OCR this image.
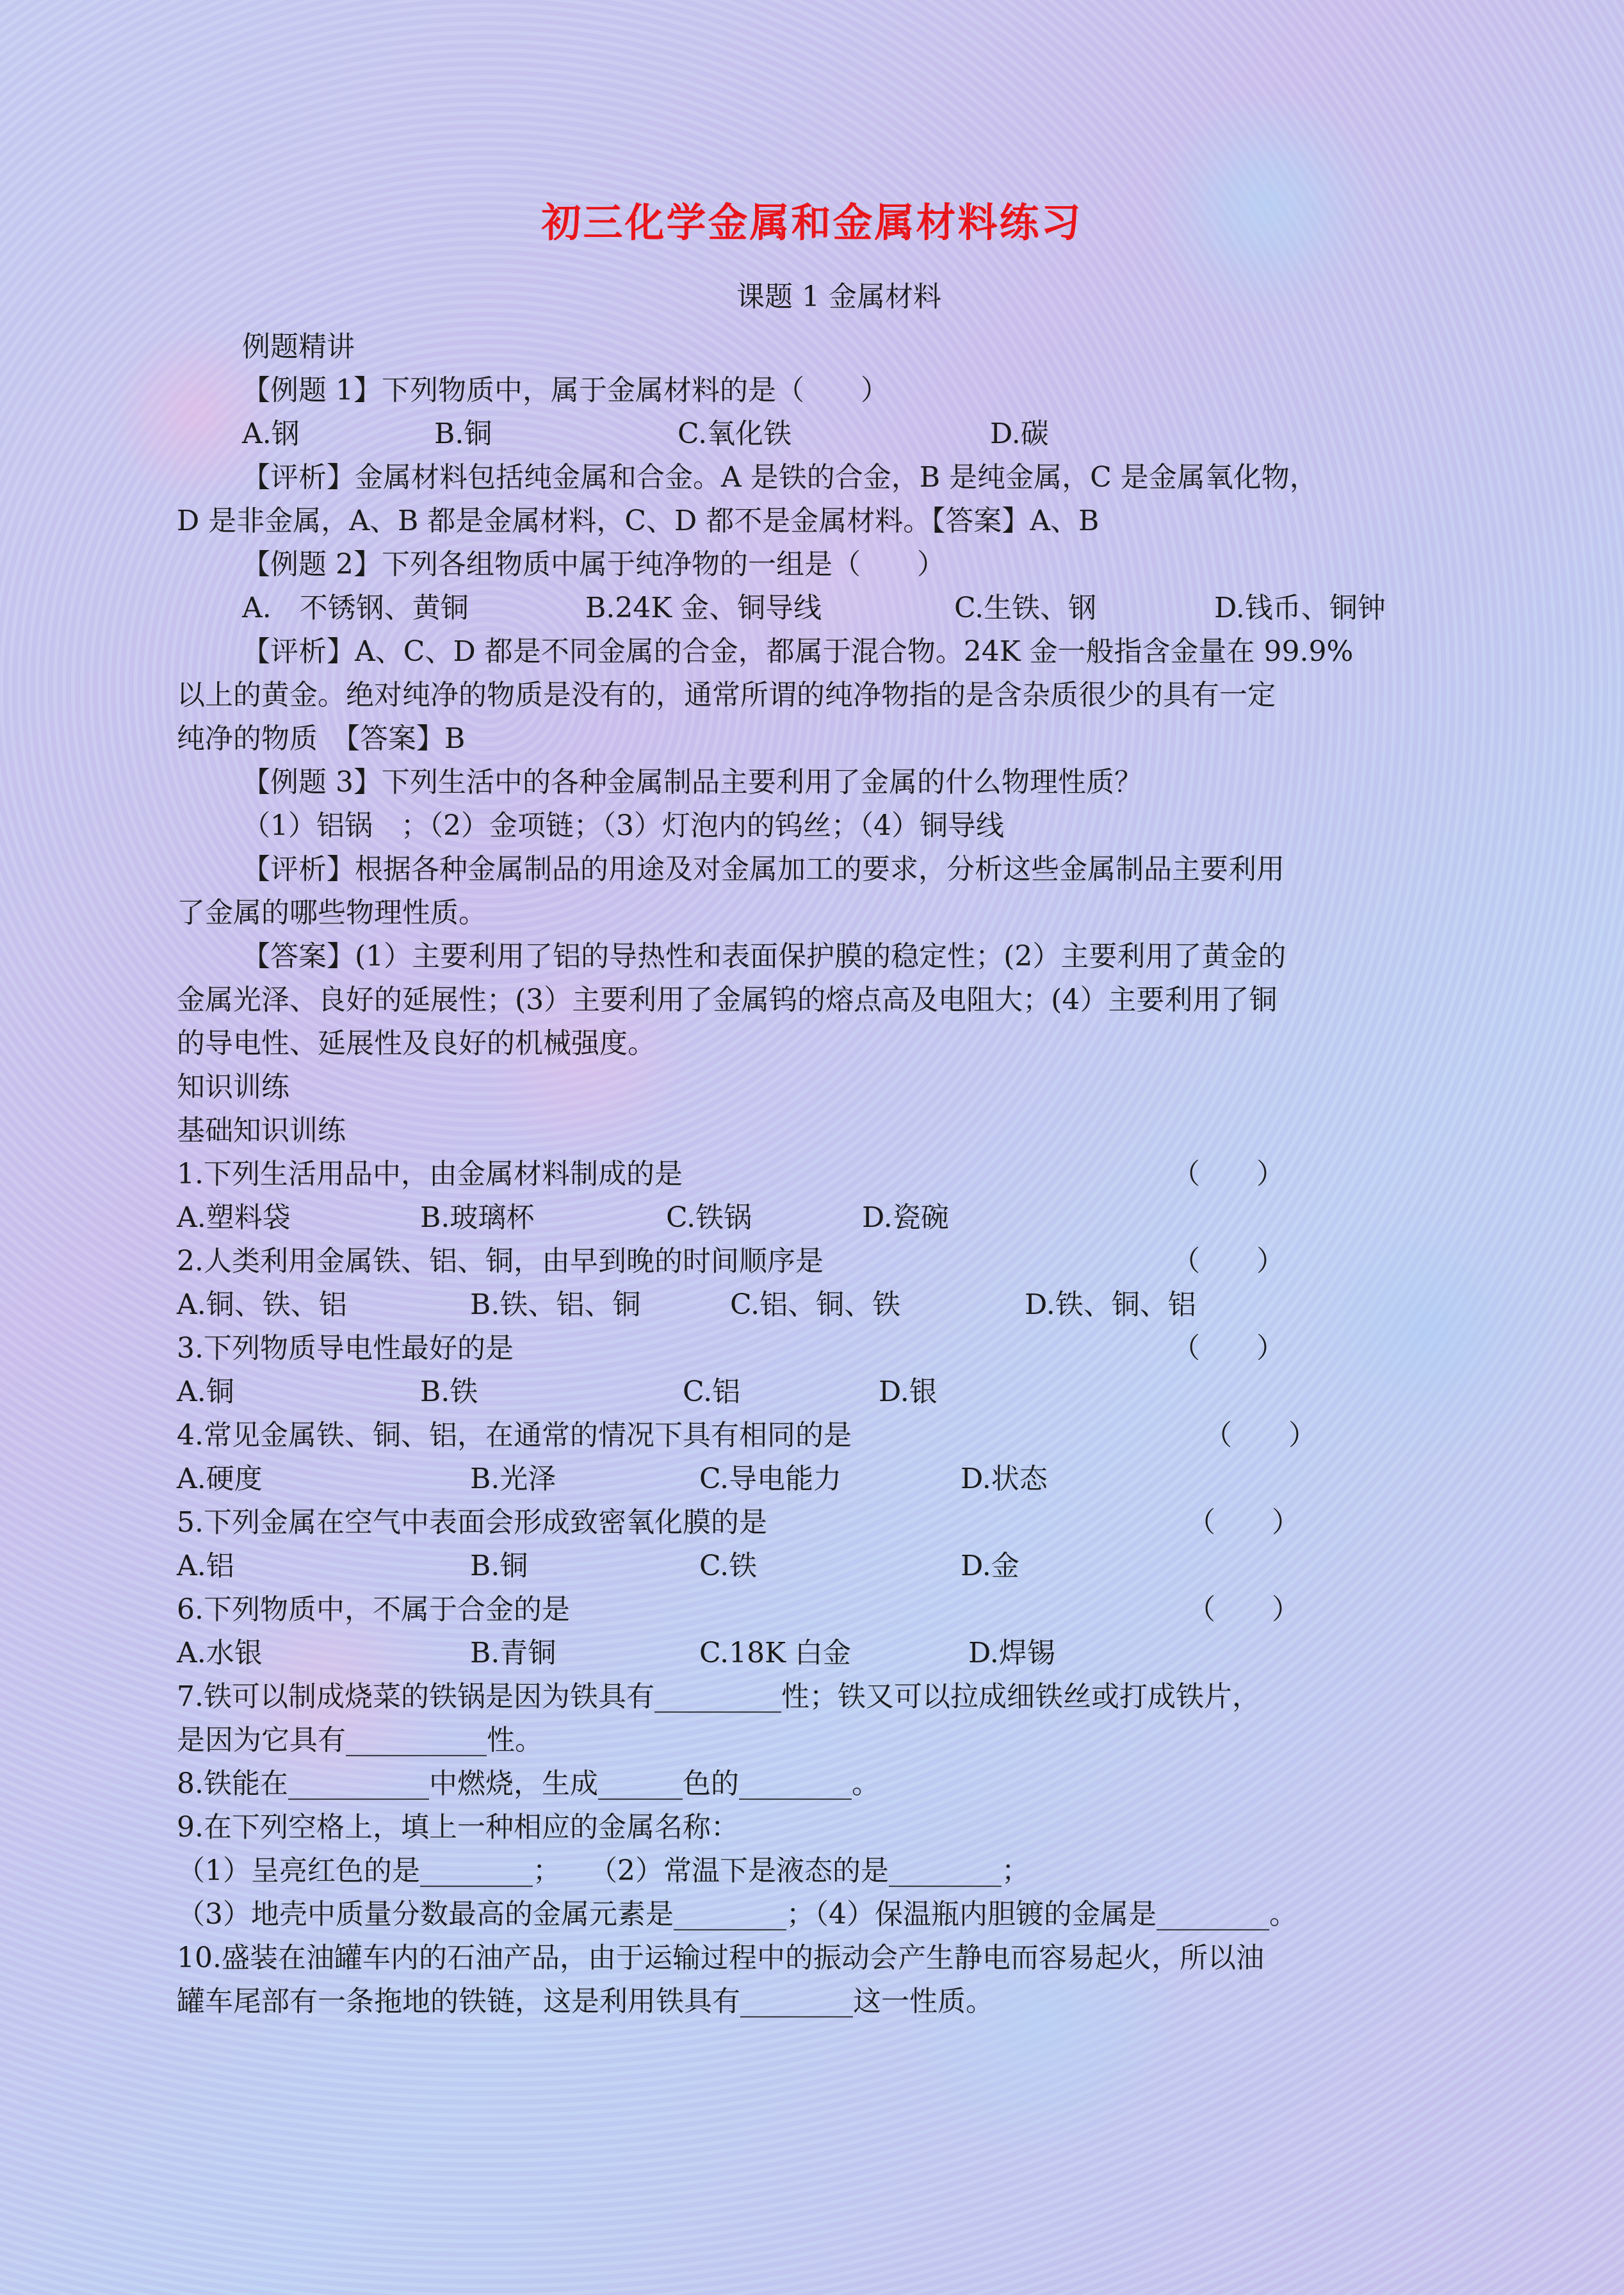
初三化学金属和金属材料练习
课题 1 金属材料
例题精讲
【例题 1】下列物质中，属于金属材料的是（　　）
A.钢	B.铜	C.氧化铁	D.碳
【评析】金属材料包括纯金属和合金。A 是铁的合金，B 是纯金属，C 是金属氧化物，
D 是非金属，A、B 都是金属材料，C、D 都不是金属材料。【答案】A、B
【例题 2】下列各组物质中属于纯净物的一组是（　　）
A.　不锈钢、黄铜	B.24K 金、铜导线	C.生铁、钢	D.钱币、铜钟
【评析】A、C、D 都是不同金属的合金，都属于混合物。24K 金一般指含金量在 99.9%
以上的黄金。绝对纯净的物质是没有的，通常所谓的纯净物指的是含杂质很少的具有一定
纯净的物质　【答案】B
【例题 3】下列生活中的各种金属制品主要利用了金属的什么物理性质？
（1）铝锅　；（2）金项链；（3）灯泡内的钨丝；（4）铜导线
【评析】根据各种金属制品的用途及对金属加工的要求，分析这些金属制品主要利用
了金属的哪些物理性质。
【答案】(1）主要利用了铝的导热性和表面保护膜的稳定性；(2）主要利用了黄金的
金属光泽、良好的延展性；(3）主要利用了金属钨的熔点高及电阻大；(4）主要利用了铜
的导电性、延展性及良好的机械强度。
知识训练
基础知识训练
1.下列生活用品中，由金属材料制成的是	（　　）
A.塑料袋	B.玻璃杯	C.铁锅	D.瓷碗
2.人类利用金属铁、铝、铜，由早到晚的时间顺序是	（　　）
A.铜、铁、铝	B.铁、铝、铜	C.铝、铜、铁	D.铁、铜、铝
3.下列物质导电性最好的是	（　　）
A.铜	B.铁	C.铝	D.银
4.常见金属铁、铜、铝，在通常的情况下具有相同的是	（　　）
A.硬度	B.光泽	C.导电能力	D.状态
5.下列金属在空气中表面会形成致密氧化膜的是	（　　）
A.铝	B.铜	C.铁	D.金
6.下列物质中，不属于合金的是	（　　）
A.水银	B.青铜	C.18K 白金	D.焊锡
7.铁可以制成烧菜的铁锅是因为铁具有_________性；铁又可以拉成细铁丝或打成铁片，
是因为它具有__________性。
8.铁能在__________中燃烧，生成______色的________。
9.在下列空格上，填上一种相应的金属名称：
（1）呈亮红色的是________；　　（2）常温下是液态的是________；
（3）地壳中质量分数最高的金属元素是________；（4）保温瓶内胆镀的金属是________。
10.盛装在油罐车内的石油产品，由于运输过程中的振动会产生静电而容易起火，所以油
罐车尾部有一条拖地的铁链，这是利用铁具有________这一性质。
